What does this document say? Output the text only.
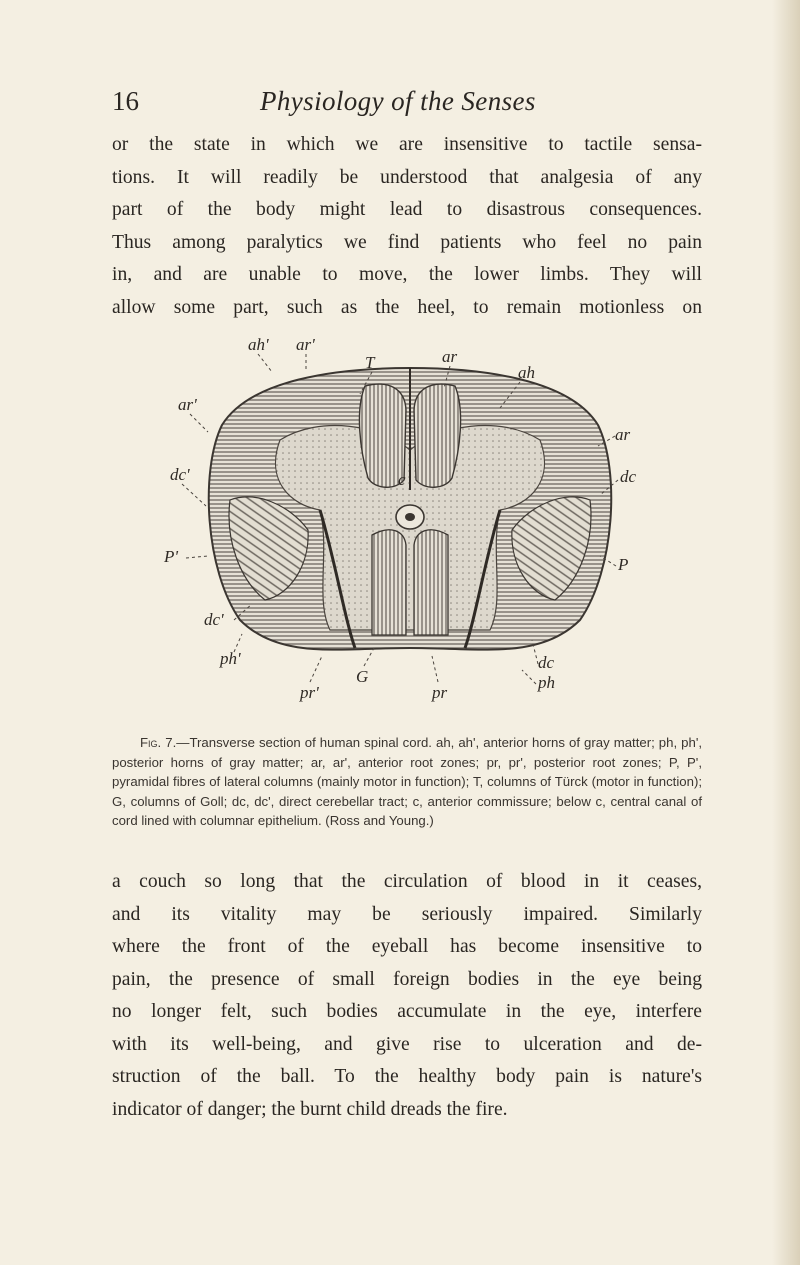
16	Physiology of the Senses
or the state in which we are insensitive to tactile sensa-
tions. It will readily be understood that analgesia of any
part of the body might lead to disastrous consequences.
Thus among paralytics we find patients who feel no pain
in, and are unable to move, the lower limbs. They will
allow some part, such as the heel, to remain motionless on
ah' ar'
T	ar
ah
ar'
ar
dc'	dc
c
P'	P
dc'
dc
ph'
ph
pr'
G
pr
Fig. 7.—Transverse section of human spinal cord. ah, ah', anterior horns of gray matter; ph, ph', posterior horns of gray matter; ar, ar', anterior root zones; pr, pr', posterior root zones; P, P', pyramidal fibres of lateral columns (mainly motor in function); T, columns of Türck (motor in function); G, columns of Goll; dc, dc', direct cerebellar tract; c, anterior commissure; below c, central canal of cord lined with columnar epithelium. (Ross and Young.)
a couch so long that the circulation of blood in it ceases,
and its vitality may be seriously impaired. Similarly
where the front of the eyeball has become insensitive to
pain, the presence of small foreign bodies in the eye being
no longer felt, such bodies accumulate in the eye, interfere
with its well-being, and give rise to ulceration and de-
struction of the ball. To the healthy body pain is nature's
indicator of danger; the burnt child dreads the fire.
